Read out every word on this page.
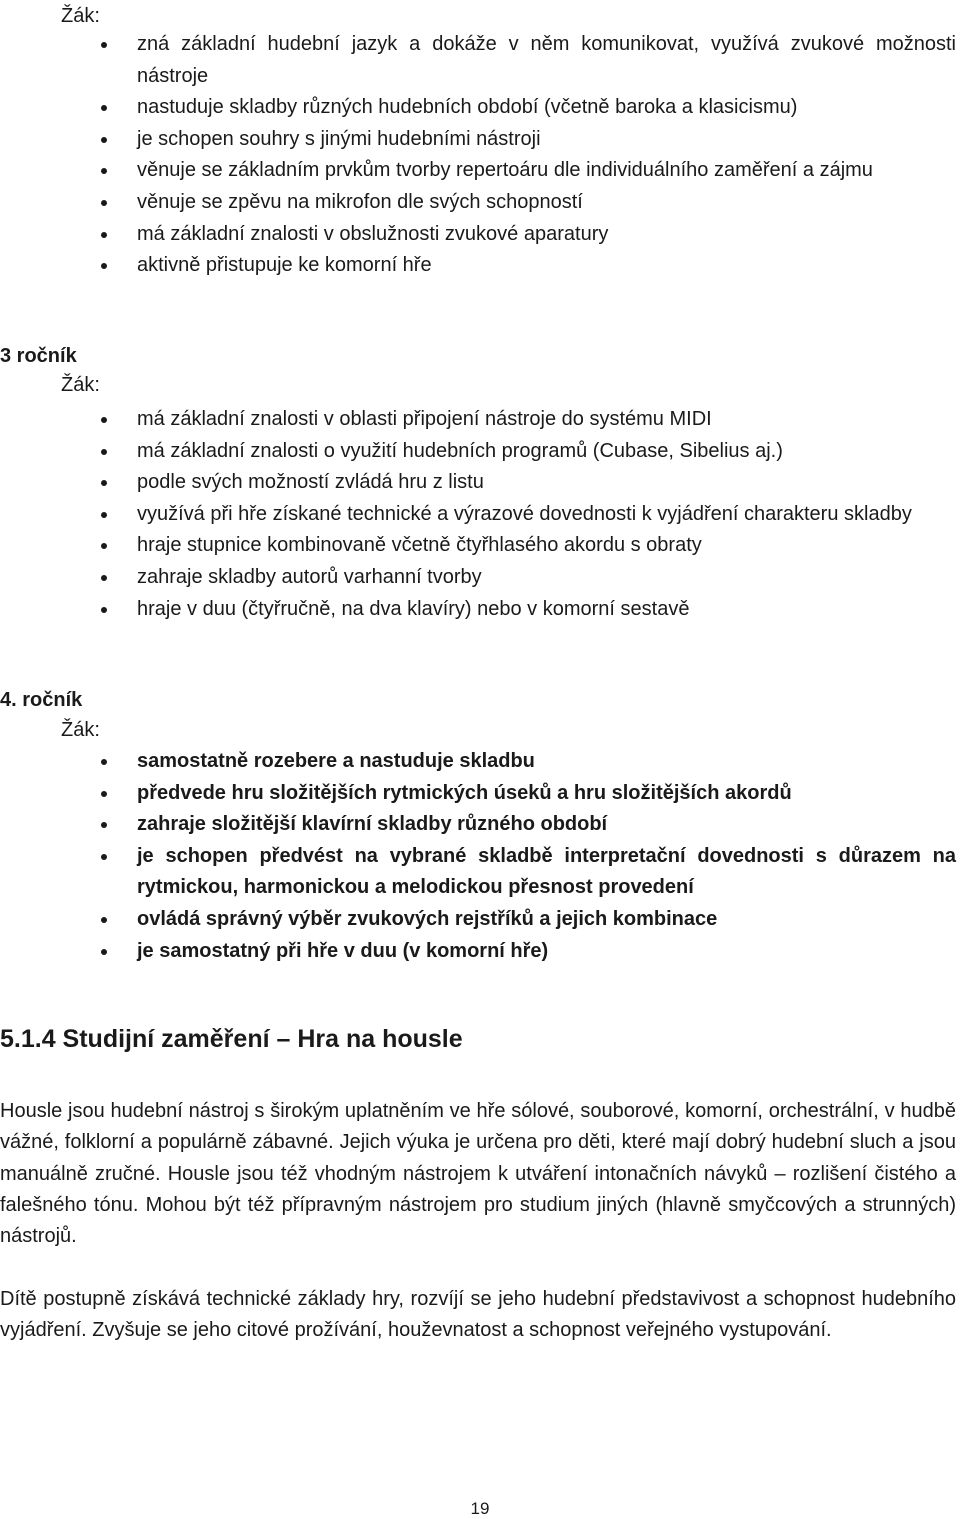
Žák:
zná základní hudební jazyk a dokáže v něm komunikovat, využívá zvukové možnosti nástroje
nastuduje skladby různých hudebních období (včetně baroka a klasicismu)
je schopen souhry s jinými hudebními nástroji
věnuje se základním prvkům tvorby repertoáru dle individuálního zaměření a zájmu
věnuje se zpěvu na mikrofon dle svých schopností
má základní znalosti v obslužnosti zvukové aparatury
aktivně přistupuje ke komorní hře
3 ročník
Žák:
má základní znalosti v oblasti připojení nástroje do systému MIDI
má základní znalosti o využití hudebních programů (Cubase, Sibelius aj.)
podle svých možností zvládá hru z listu
využívá při hře získané technické a výrazové dovednosti k vyjádření charakteru skladby
hraje stupnice kombinovaně včetně čtyřhlasého akordu s obraty
zahraje skladby autorů varhanní tvorby
hraje v duu (čtyřručně, na dva klavíry) nebo v komorní sestavě
4. ročník
Žák:
samostatně rozebere a nastuduje skladbu
předvede hru složitějších rytmických úseků a hru složitějších akordů
zahraje složitější klavírní skladby různého období
je schopen předvést na vybrané skladbě interpretační dovednosti s důrazem na rytmickou, harmonickou a melodickou přesnost provedení
ovládá správný výběr zvukových rejstříků a jejich kombinace
je samostatný při hře v duu (v komorní hře)
5.1.4 Studijní zaměření – Hra na housle

Housle jsou hudební nástroj s širokým uplatněním ve hře sólové, souborové, komorní, orchestrální, v hudbě vážné, folklorní a populárně zábavné. Jejich výuka je určena pro děti, které mají dobrý hudební sluch a jsou manuálně zručné. Housle jsou též vhodným nástrojem k utváření intonačních návyků – rozlišení čistého a falešného tónu. Mohou být též přípravným nástrojem pro studium jiných (hlavně smyčcových a strunných) nástrojů.

Dítě postupně získává technické základy hry, rozvíjí se jeho hudební představivost a schopnost hudebního vyjádření. Zvyšuje se jeho citové prožívání, houževnatost a schopnost veřejného vystupování.

19
